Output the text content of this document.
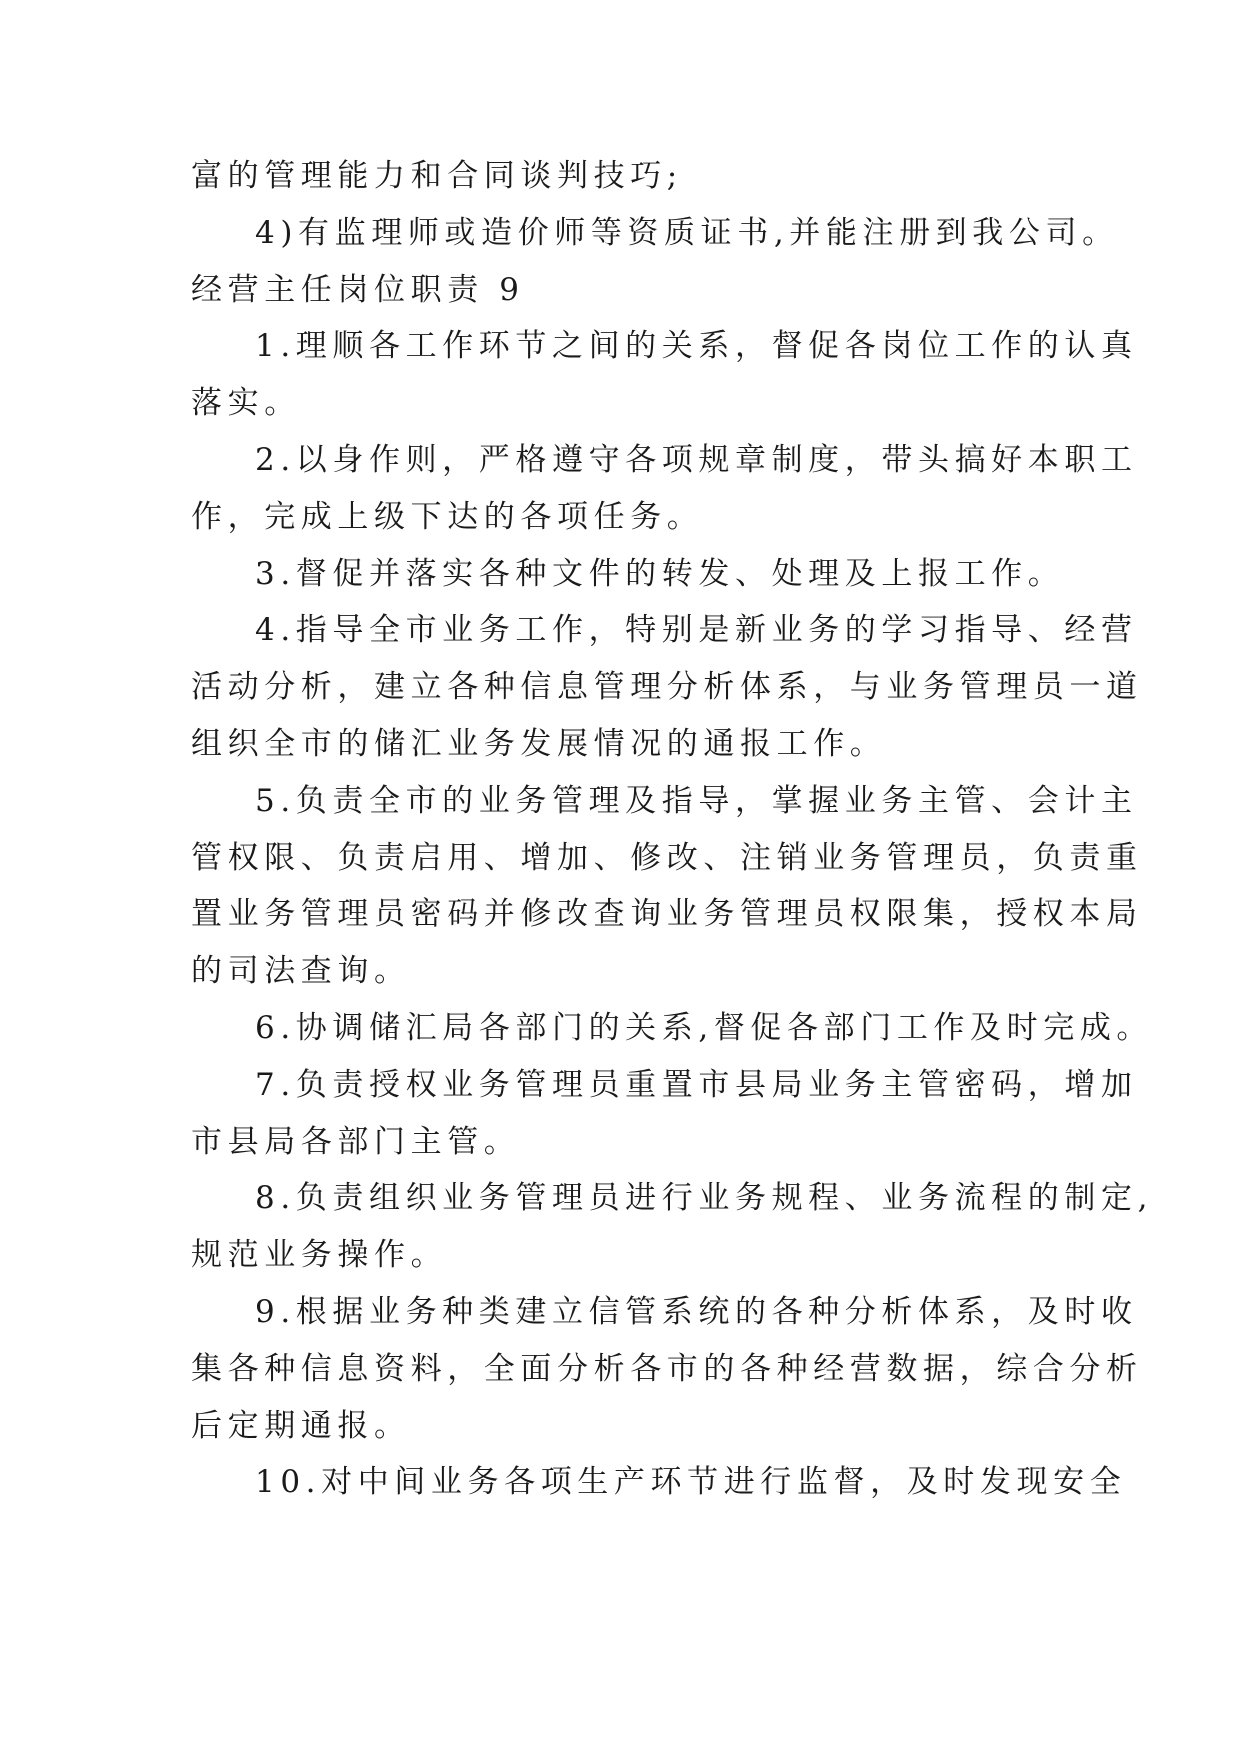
富的管理能力和合同谈判技巧;
4)有监理师或造价师等资质证书,并能注册到我公司。
经营主任岗位职责 9
1.理顺各工作环节之间的关系，督促各岗位工作的认真
落实。
2.以身作则，严格遵守各项规章制度，带头搞好本职工
作，完成上级下达的各项任务。
3.督促并落实各种文件的转发、处理及上报工作。
4.指导全市业务工作，特别是新业务的学习指导、经营
活动分析，建立各种信息管理分析体系，与业务管理员一道
组织全市的储汇业务发展情况的通报工作。
5.负责全市的业务管理及指导，掌握业务主管、会计主
管权限、负责启用、增加、修改、注销业务管理员，负责重
置业务管理员密码并修改查询业务管理员权限集，授权本局
的司法查询。
6.协调储汇局各部门的关系,督促各部门工作及时完成。
7.负责授权业务管理员重置市县局业务主管密码，增加
市县局各部门主管。
8.负责组织业务管理员进行业务规程、业务流程的制定,
规范业务操作。
9.根据业务种类建立信管系统的各种分析体系，及时收
集各种信息资料，全面分析各市的各种经营数据，综合分析
后定期通报。
10.对中间业务各项生产环节进行监督，及时发现安全
